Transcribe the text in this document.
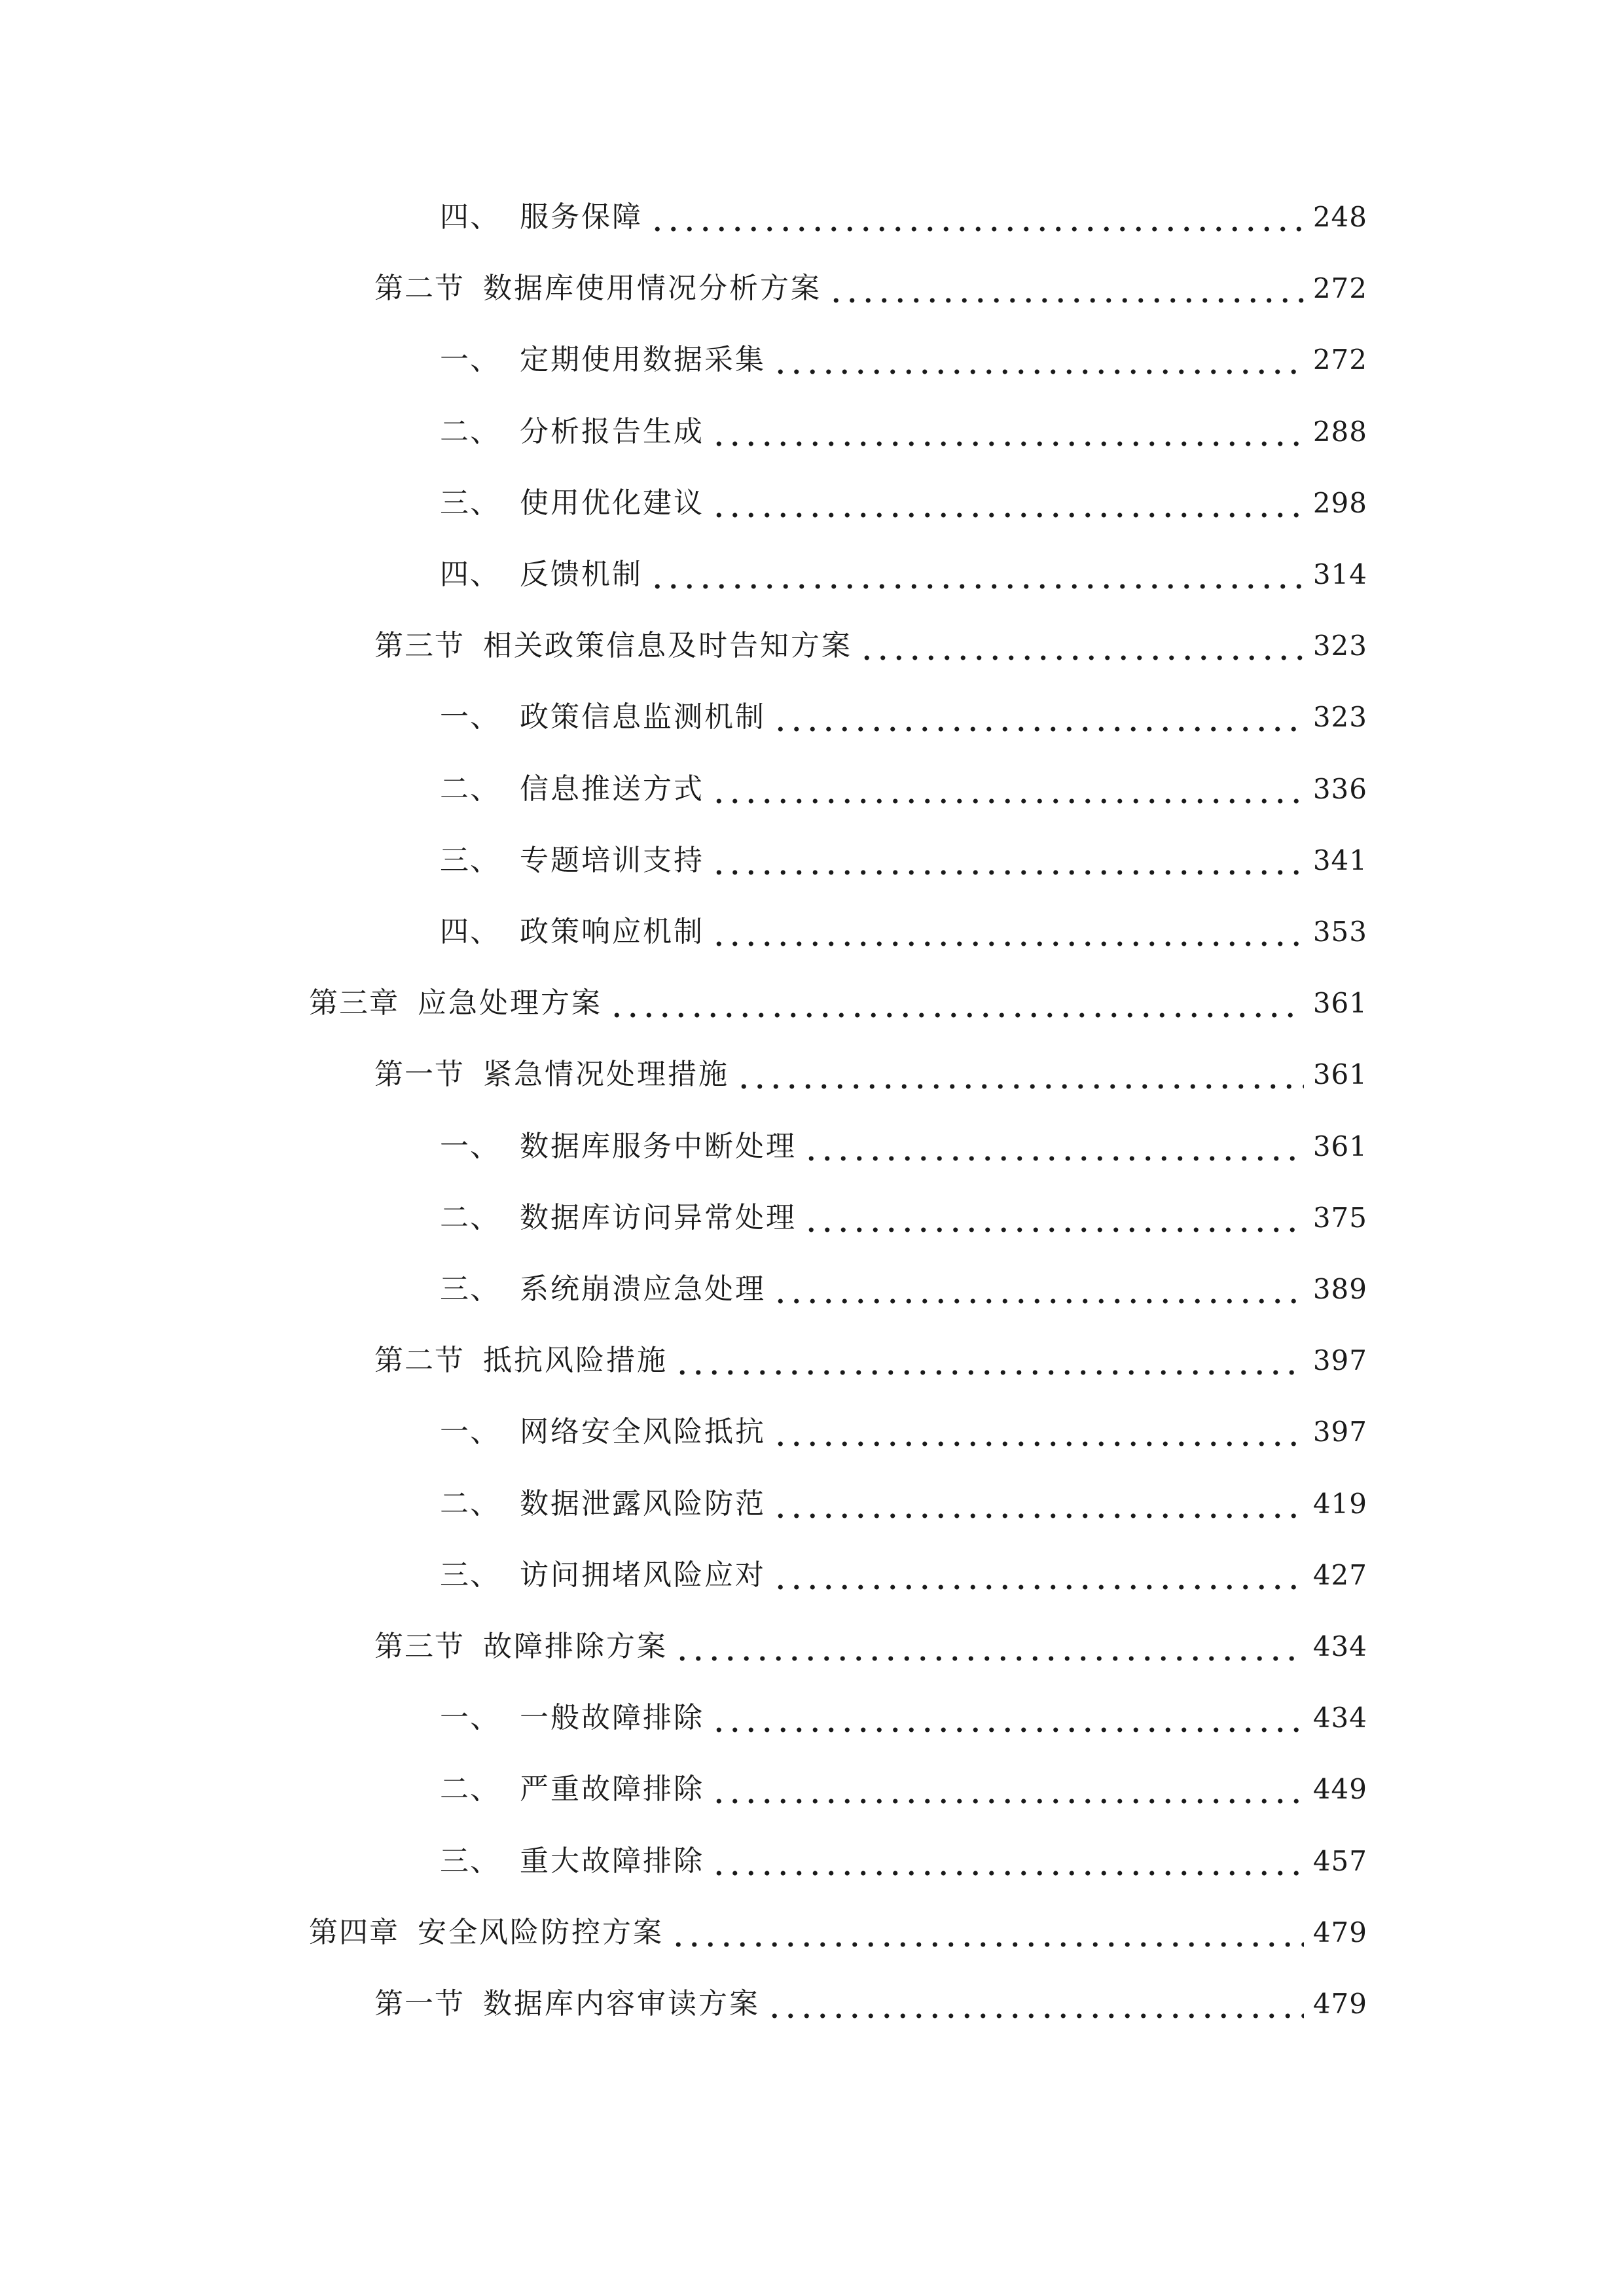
四、 服务保障	248
第二节 数据库使用情况分析方案	272
一、 定期使用数据采集	272
二、 分析报告生成	288
三、 使用优化建议	298
四、 反馈机制	314
第三节 相关政策信息及时告知方案	323
一、 政策信息监测机制	323
二、 信息推送方式	336
三、 专题培训支持	341
四、 政策响应机制	353
第三章 应急处理方案	361
第一节 紧急情况处理措施	361
一、 数据库服务中断处理	361
二、 数据库访问异常处理	375
三、 系统崩溃应急处理	389
第二节 抵抗风险措施	397
一、 网络安全风险抵抗	397
二、 数据泄露风险防范	419
三、 访问拥堵风险应对	427
第三节 故障排除方案	434
一、 一般故障排除	434
二、 严重故障排除	449
三、 重大故障排除	457
第四章 安全风险防控方案	479
第一节 数据库内容审读方案	479
